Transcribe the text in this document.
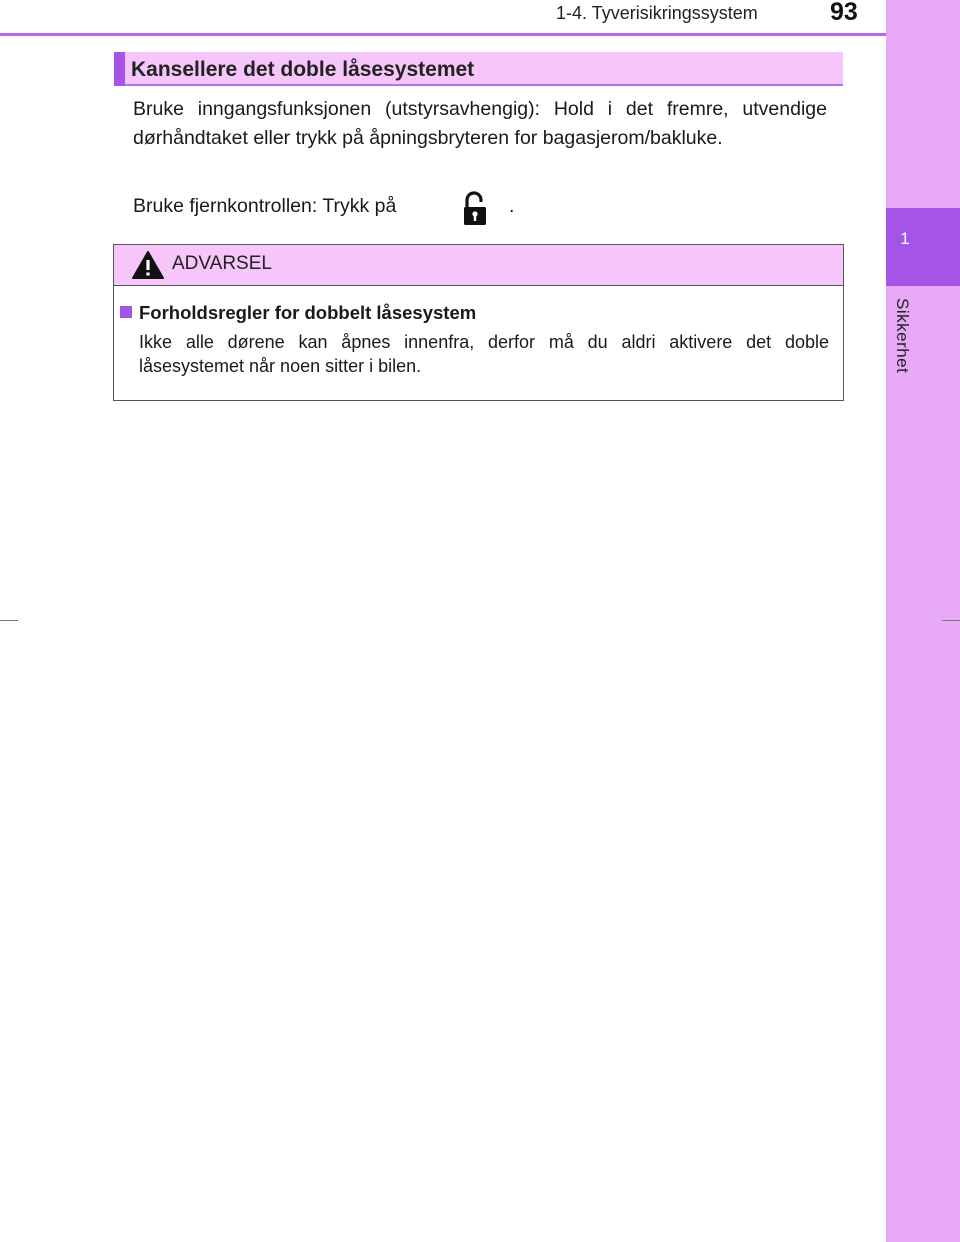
1
Sikkerhet
1-4. Tyverisikringssystem	93
Kansellere det doble låsesystemet
Bruke inngangsfunksjonen (utstyrsavhengig): Hold i det fremre, utvendige dørhåndtaket eller trykk på åpningsbryteren for bagasjerom/bakluke.
Bruke fjernkontrollen: Trykk på	.
ADVARSEL
Forholdsregler for dobbelt låsesystem
Ikke alle dørene kan åpnes innenfra, derfor må du aldri aktivere det doble låsesystemet når noen sitter i bilen.
